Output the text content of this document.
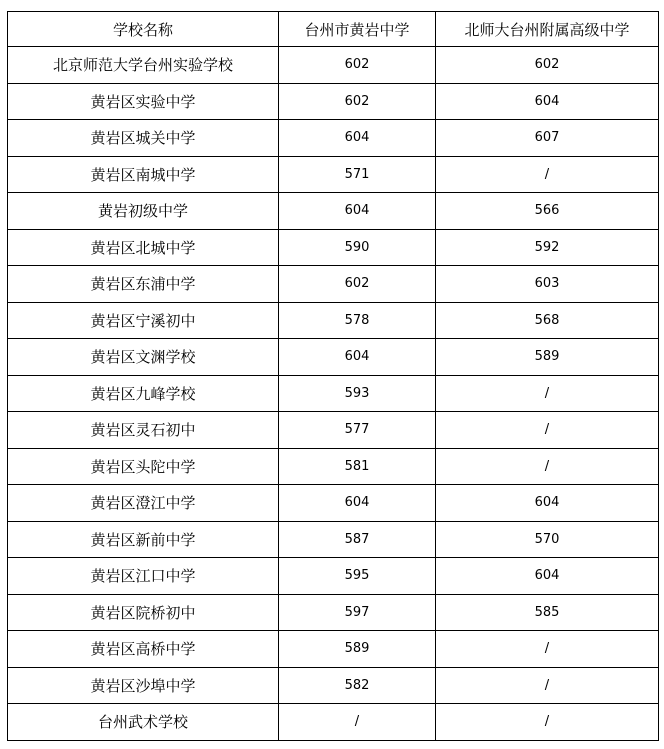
学校名称	台州市黄岩中学	北师大台州附属高级中学
北京师范大学台州实验学校	602	602
黄岩区实验中学	602	604
黄岩区城关中学	604	607
黄岩区南城中学	571	/
黄岩初级中学	604	566
黄岩区北城中学	590	592
黄岩区东浦中学	602	603
黄岩区宁溪初中	578	568
黄岩区文渊学校	604	589
黄岩区九峰学校	593	/
黄岩区灵石初中	577	/
黄岩区头陀中学	581	/
黄岩区澄江中学	604	604
黄岩区新前中学	587	570
黄岩区江口中学	595	604
黄岩区院桥初中	597	585
黄岩区高桥中学	589	/
黄岩区沙埠中学	582	/
台州武术学校	/	/
